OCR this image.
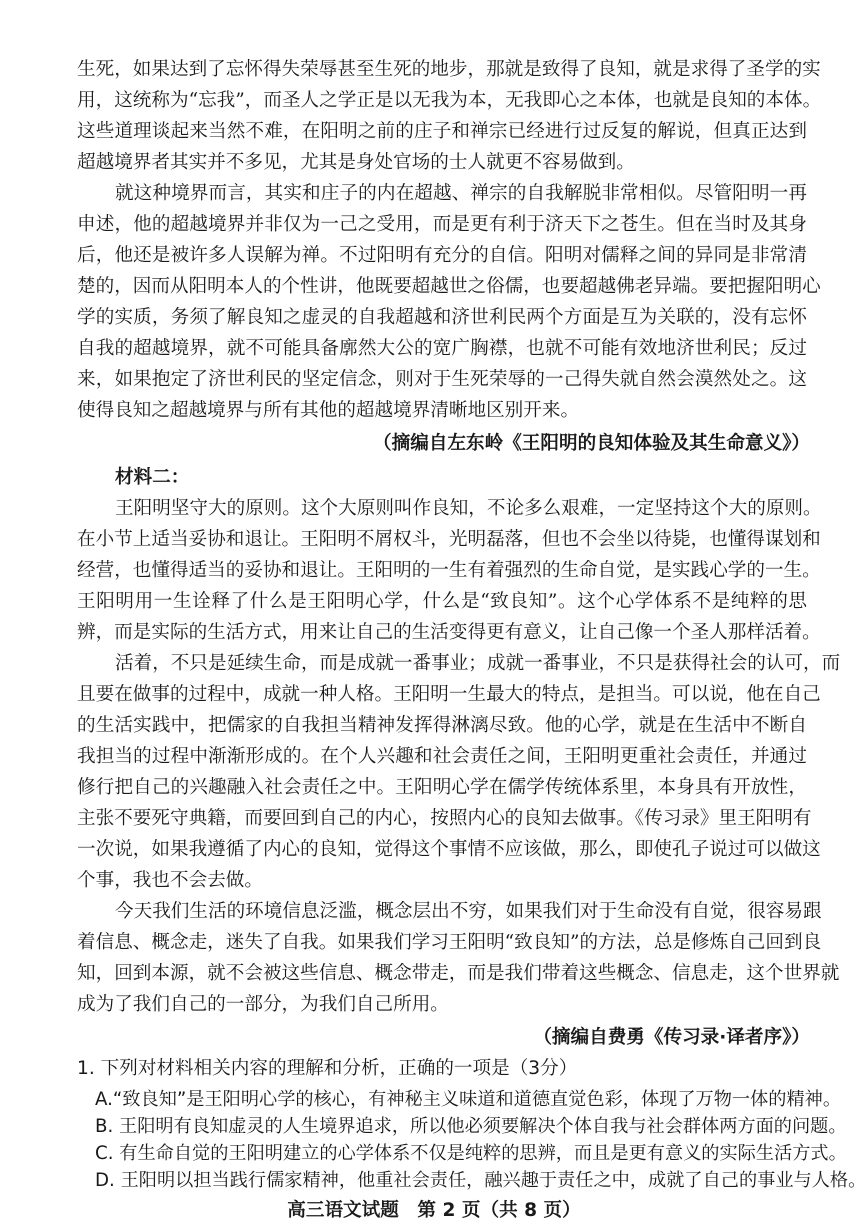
生死，如果达到了忘怀得失荣辱甚至生死的地步，那就是致得了良知，就是求得了圣学的实
用，这统称为“忘我”，而圣人之学正是以无我为本，无我即心之本体，也就是良知的本体。
这些道理谈起来当然不难，在阳明之前的庄子和禅宗已经进行过反复的解说，但真正达到
超越境界者其实并不多见，尤其是身处官场的士人就更不容易做到。
就这种境界而言，其实和庄子的内在超越、禅宗的自我解脱非常相似。尽管阳明一再
申述，他的超越境界并非仅为一己之受用，而是更有利于济天下之苍生。但在当时及其身
后，他还是被许多人误解为禅。不过阳明有充分的自信。阳明对儒释之间的异同是非常清
楚的，因而从阳明本人的个性讲，他既要超越世之俗儒，也要超越佛老异端。要把握阳明心
学的实质，务须了解良知之虚灵的自我超越和济世利民两个方面是互为关联的，没有忘怀
自我的超越境界，就不可能具备廓然大公的宽广胸襟，也就不可能有效地济世利民；反过
来，如果抱定了济世利民的坚定信念，则对于生死荣辱的一己得失就自然会漠然处之。这
使得良知之超越境界与所有其他的超越境界清晰地区别开来。
（摘编自左东岭《王阳明的良知体验及其生命意义》）
材料二：
王阳明坚守大的原则。这个大原则叫作良知，不论多么艰难，一定坚持这个大的原则。
在小节上适当妥协和退让。王阳明不屑权斗，光明磊落，但也不会坐以待毙，也懂得谋划和
经营，也懂得适当的妥协和退让。王阳明的一生有着强烈的生命自觉，是实践心学的一生。
王阳明用一生诠释了什么是王阳明心学，什么是“致良知”。这个心学体系不是纯粹的思
辨，而是实际的生活方式，用来让自己的生活变得更有意义，让自己像一个圣人那样活着。
活着，不只是延续生命，而是成就一番事业；成就一番事业，不只是获得社会的认可，而
且要在做事的过程中，成就一种人格。王阳明一生最大的特点，是担当。可以说，他在自己
的生活实践中，把儒家的自我担当精神发挥得淋漓尽致。他的心学，就是在生活中不断自
我担当的过程中渐渐形成的。在个人兴趣和社会责任之间，王阳明更重社会责任，并通过
修行把自己的兴趣融入社会责任之中。王阳明心学在儒学传统体系里，本身具有开放性，
主张不要死守典籍，而要回到自己的内心，按照内心的良知去做事。《传习录》里王阳明有
一次说，如果我遵循了内心的良知，觉得这个事情不应该做，那么，即使孔子说过可以做这
个事，我也不会去做。
今天我们生活的环境信息泛滥，概念层出不穷，如果我们对于生命没有自觉，很容易跟
着信息、概念走，迷失了自我。如果我们学习王阳明“致良知”的方法，总是修炼自己回到良
知，回到本源，就不会被这些信息、概念带走，而是我们带着这些概念、信息走，这个世界就
成为了我们自己的一部分，为我们自己所用。
（摘编自费勇《传习录·译者序》）
1. 下列对材料相关内容的理解和分析，正确的一项是（3分）
A.“致良知”是王阳明心学的核心，有神秘主义味道和道德直觉色彩，体现了万物一体的精神。
B. 王阳明有良知虚灵的人生境界追求，所以他必须要解决个体自我与社会群体两方面的问题。
C. 有生命自觉的王阳明建立的心学体系不仅是纯粹的思辨，而且是更有意义的实际生活方式。
D. 王阳明以担当践行儒家精神，他重社会责任，融兴趣于责任之中，成就了自己的事业与人格。
高三语文试题　第 2 页（共 8 页）
